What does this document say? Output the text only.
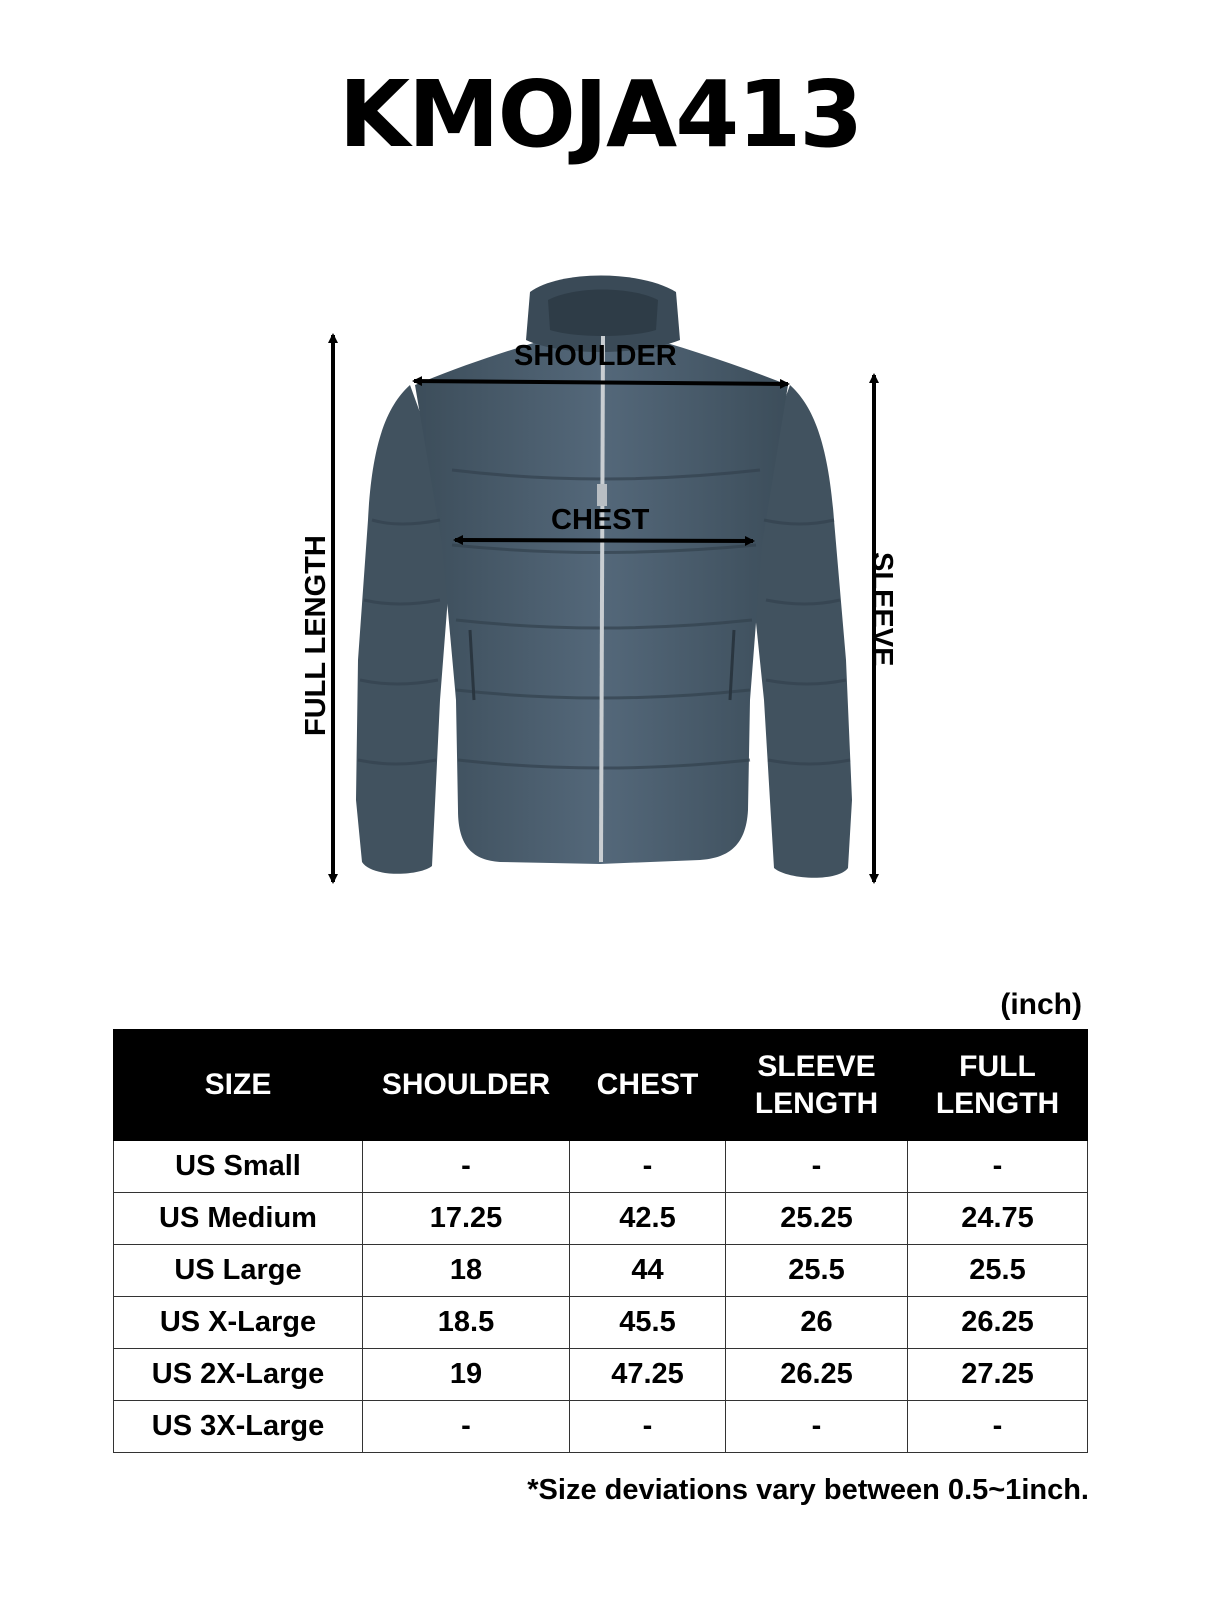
KMOJA413
SHOULDER
CHEST
FULL LENGTH	SLEEVE
(inch)
SIZE	SHOULDER	CHEST	SLEEVE LENGTH	FULL LENGTH
US Small	-	-	-	-
US Medium	17.25	42.5	25.25	24.75
US Large	18	44	25.5	25.5
US X-Large	18.5	45.5	26	26.25
US 2X-Large	19	47.25	26.25	27.25
US 3X-Large	-	-	-	-
*Size deviations vary between 0.5~1inch.
